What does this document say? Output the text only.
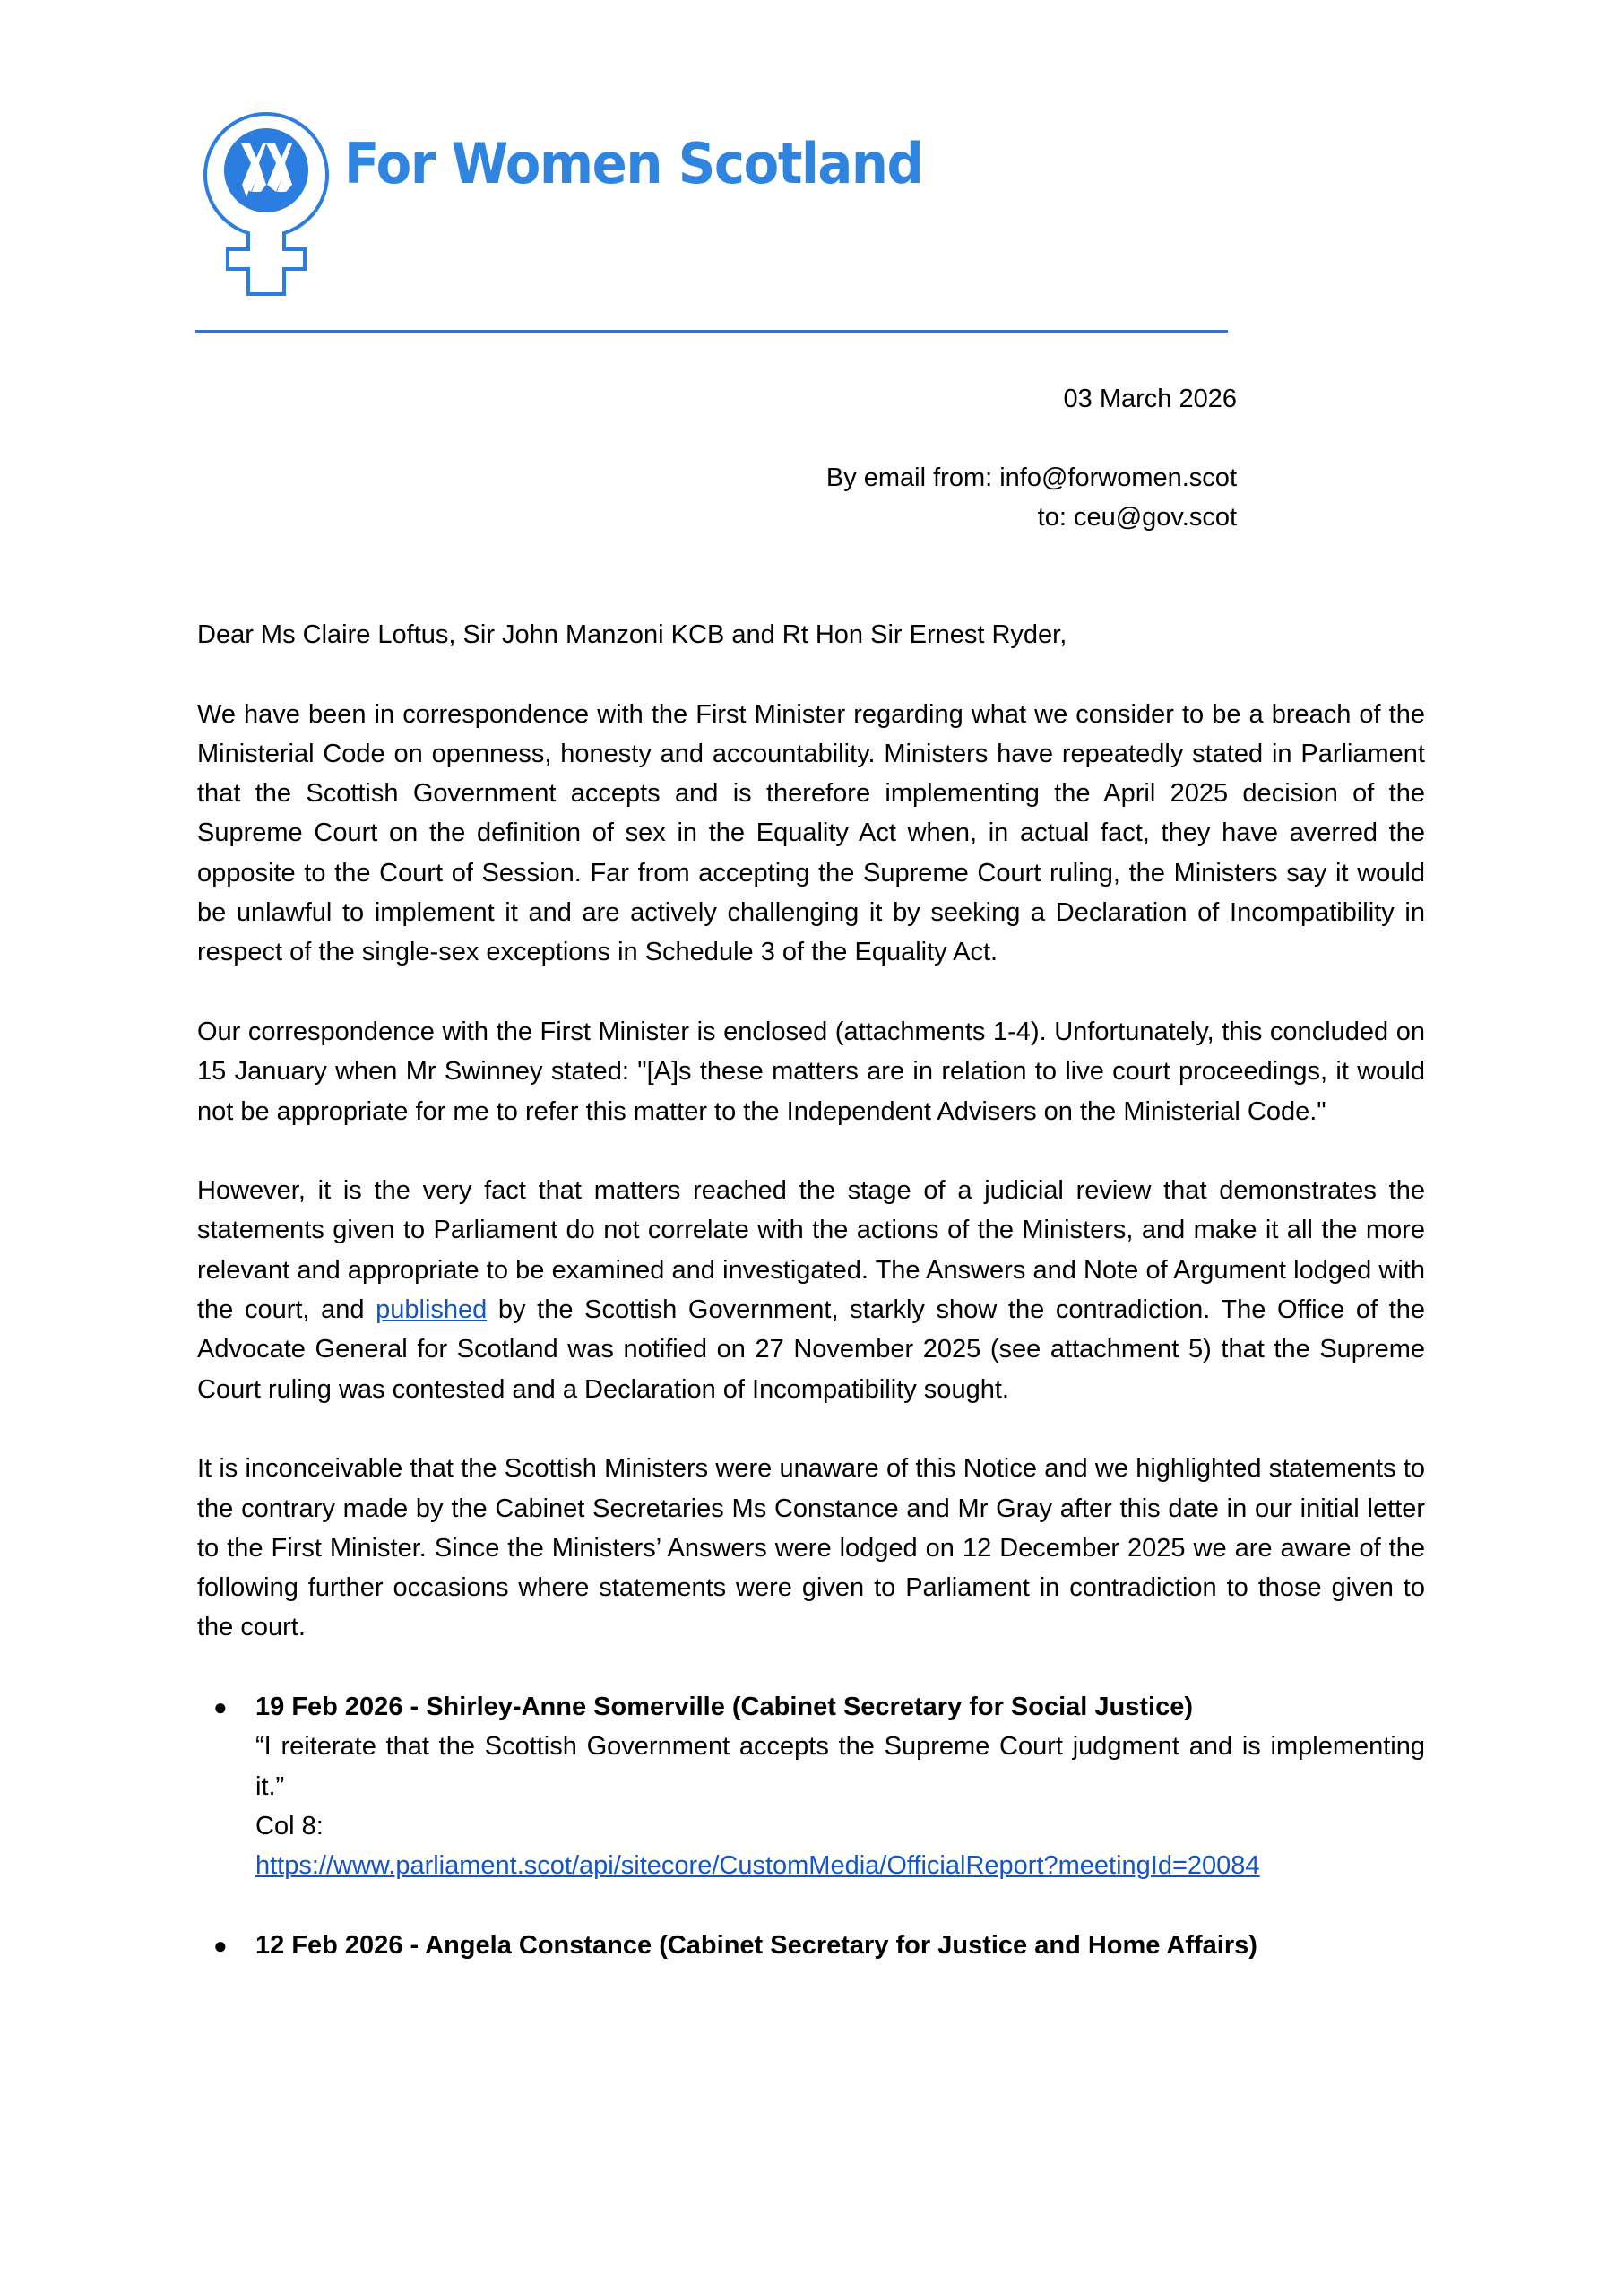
For Women Scotland
03 March 2026
By email from: info@forwomen.scot
to: ceu@gov.scot

Dear Ms Claire Loftus, Sir John Manzoni KCB and Rt Hon Sir Ernest Ryder,

We have been in correspondence with the First Minister regarding what we consider to be a breach of the Ministerial Code on openness, honesty and accountability. Ministers have repeatedly stated in Parliament that the Scottish Government accepts and is therefore implementing the April 2025 decision of the Supreme Court on the definition of sex in the Equality Act when, in actual fact, they have averred the opposite to the Court of Session. Far from accepting the Supreme Court ruling, the Ministers say it would be unlawful to implement it and are actively challenging it by seeking a Declaration of Incompatibility in respect of the single-sex exceptions in Schedule 3 of the Equality Act.

Our correspondence with the First Minister is enclosed (attachments 1-4). Unfortunately, this concluded on 15 January when Mr Swinney stated: "[A]s these matters are in relation to live court proceedings, it would not be appropriate for me to refer this matter to the Independent Advisers on the Ministerial Code."

However, it is the very fact that matters reached the stage of a judicial review that demonstrates the statements given to Parliament do not correlate with the actions of the Ministers, and make it all the more relevant and appropriate to be examined and investigated. The Answers and Note of Argument lodged with the court, and published by the Scottish Government, starkly show the contradiction. The Office of the Advocate General for Scotland was notified on 27 November 2025 (see attachment 5) that the Supreme Court ruling was contested and a Declaration of Incompatibility sought.

It is inconceivable that the Scottish Ministers were unaware of this Notice and we highlighted statements to the contrary made by the Cabinet Secretaries Ms Constance and Mr Gray after this date in our initial letter to the First Minister. Since the Ministers’ Answers were lodged on 12 December 2025 we are aware of the following further occasions where statements were given to Parliament in contradiction to those given to the court.

● 19 Feb 2026 - Shirley-Anne Somerville (Cabinet Secretary for Social Justice)
“I reiterate that the Scottish Government accepts the Supreme Court judgment and is implementing it.”
Col 8:
https://www.parliament.scot/api/sitecore/CustomMedia/OfficialReport?meetingId=20084
● 12 Feb 2026 - Angela Constance (Cabinet Secretary for Justice and Home Affairs)
